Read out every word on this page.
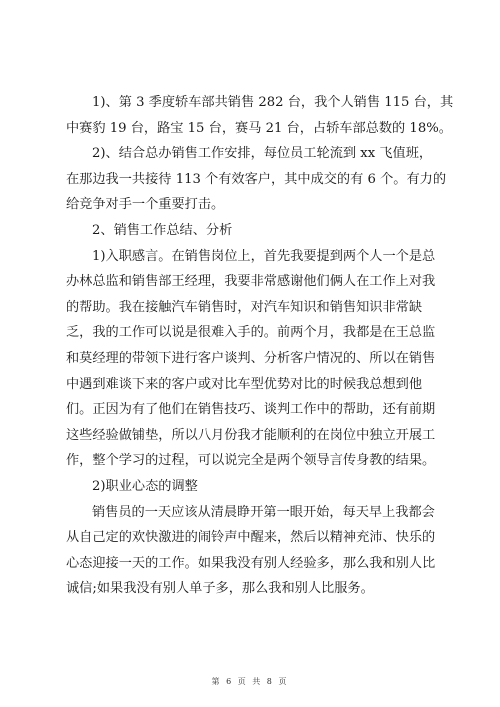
1)、第 3 季度轿车部共销售 282 台，我个人销售 115 台，其
中赛豹 19 台，路宝 15 台，赛马 21 台，占轿车部总数的 18%。

2)、结合总办销售工作安排，每位员工轮流到 xx 飞值班，
在那边我一共接待 113 个有效客户，其中成交的有 6 个。有力的
给竞争对手一个重要打击。

2、销售工作总结、分析

1)入职感言。在销售岗位上，首先我要提到两个人一个是总
办林总监和销售部王经理，我要非常感谢他们俩人在工作上对我
的帮助。我在接触汽车销售时，对汽车知识和销售知识非常缺
乏，我的工作可以说是很难入手的。前两个月，我都是在王总监
和莫经理的带领下进行客户谈判、分析客户情况的、所以在销售
中遇到难谈下来的客户或对比车型优势对比的时候我总想到他
们。正因为有了他们在销售技巧、谈判工作中的帮助，还有前期
这些经验做铺垫，所以八月份我才能顺利的在岗位中独立开展工
作，整个学习的过程，可以说完全是两个领导言传身教的结果。

2)职业心态的调整

销售员的一天应该从清晨睁开第一眼开始，每天早上我都会
从自己定的欢快激进的闹铃声中醒来，然后以精神充沛、快乐的
心态迎接一天的工作。如果我没有别人经验多，那么我和别人比
诚信;如果我没有别人单子多，那么我和别人比服务。

第 6 页 共 8 页
